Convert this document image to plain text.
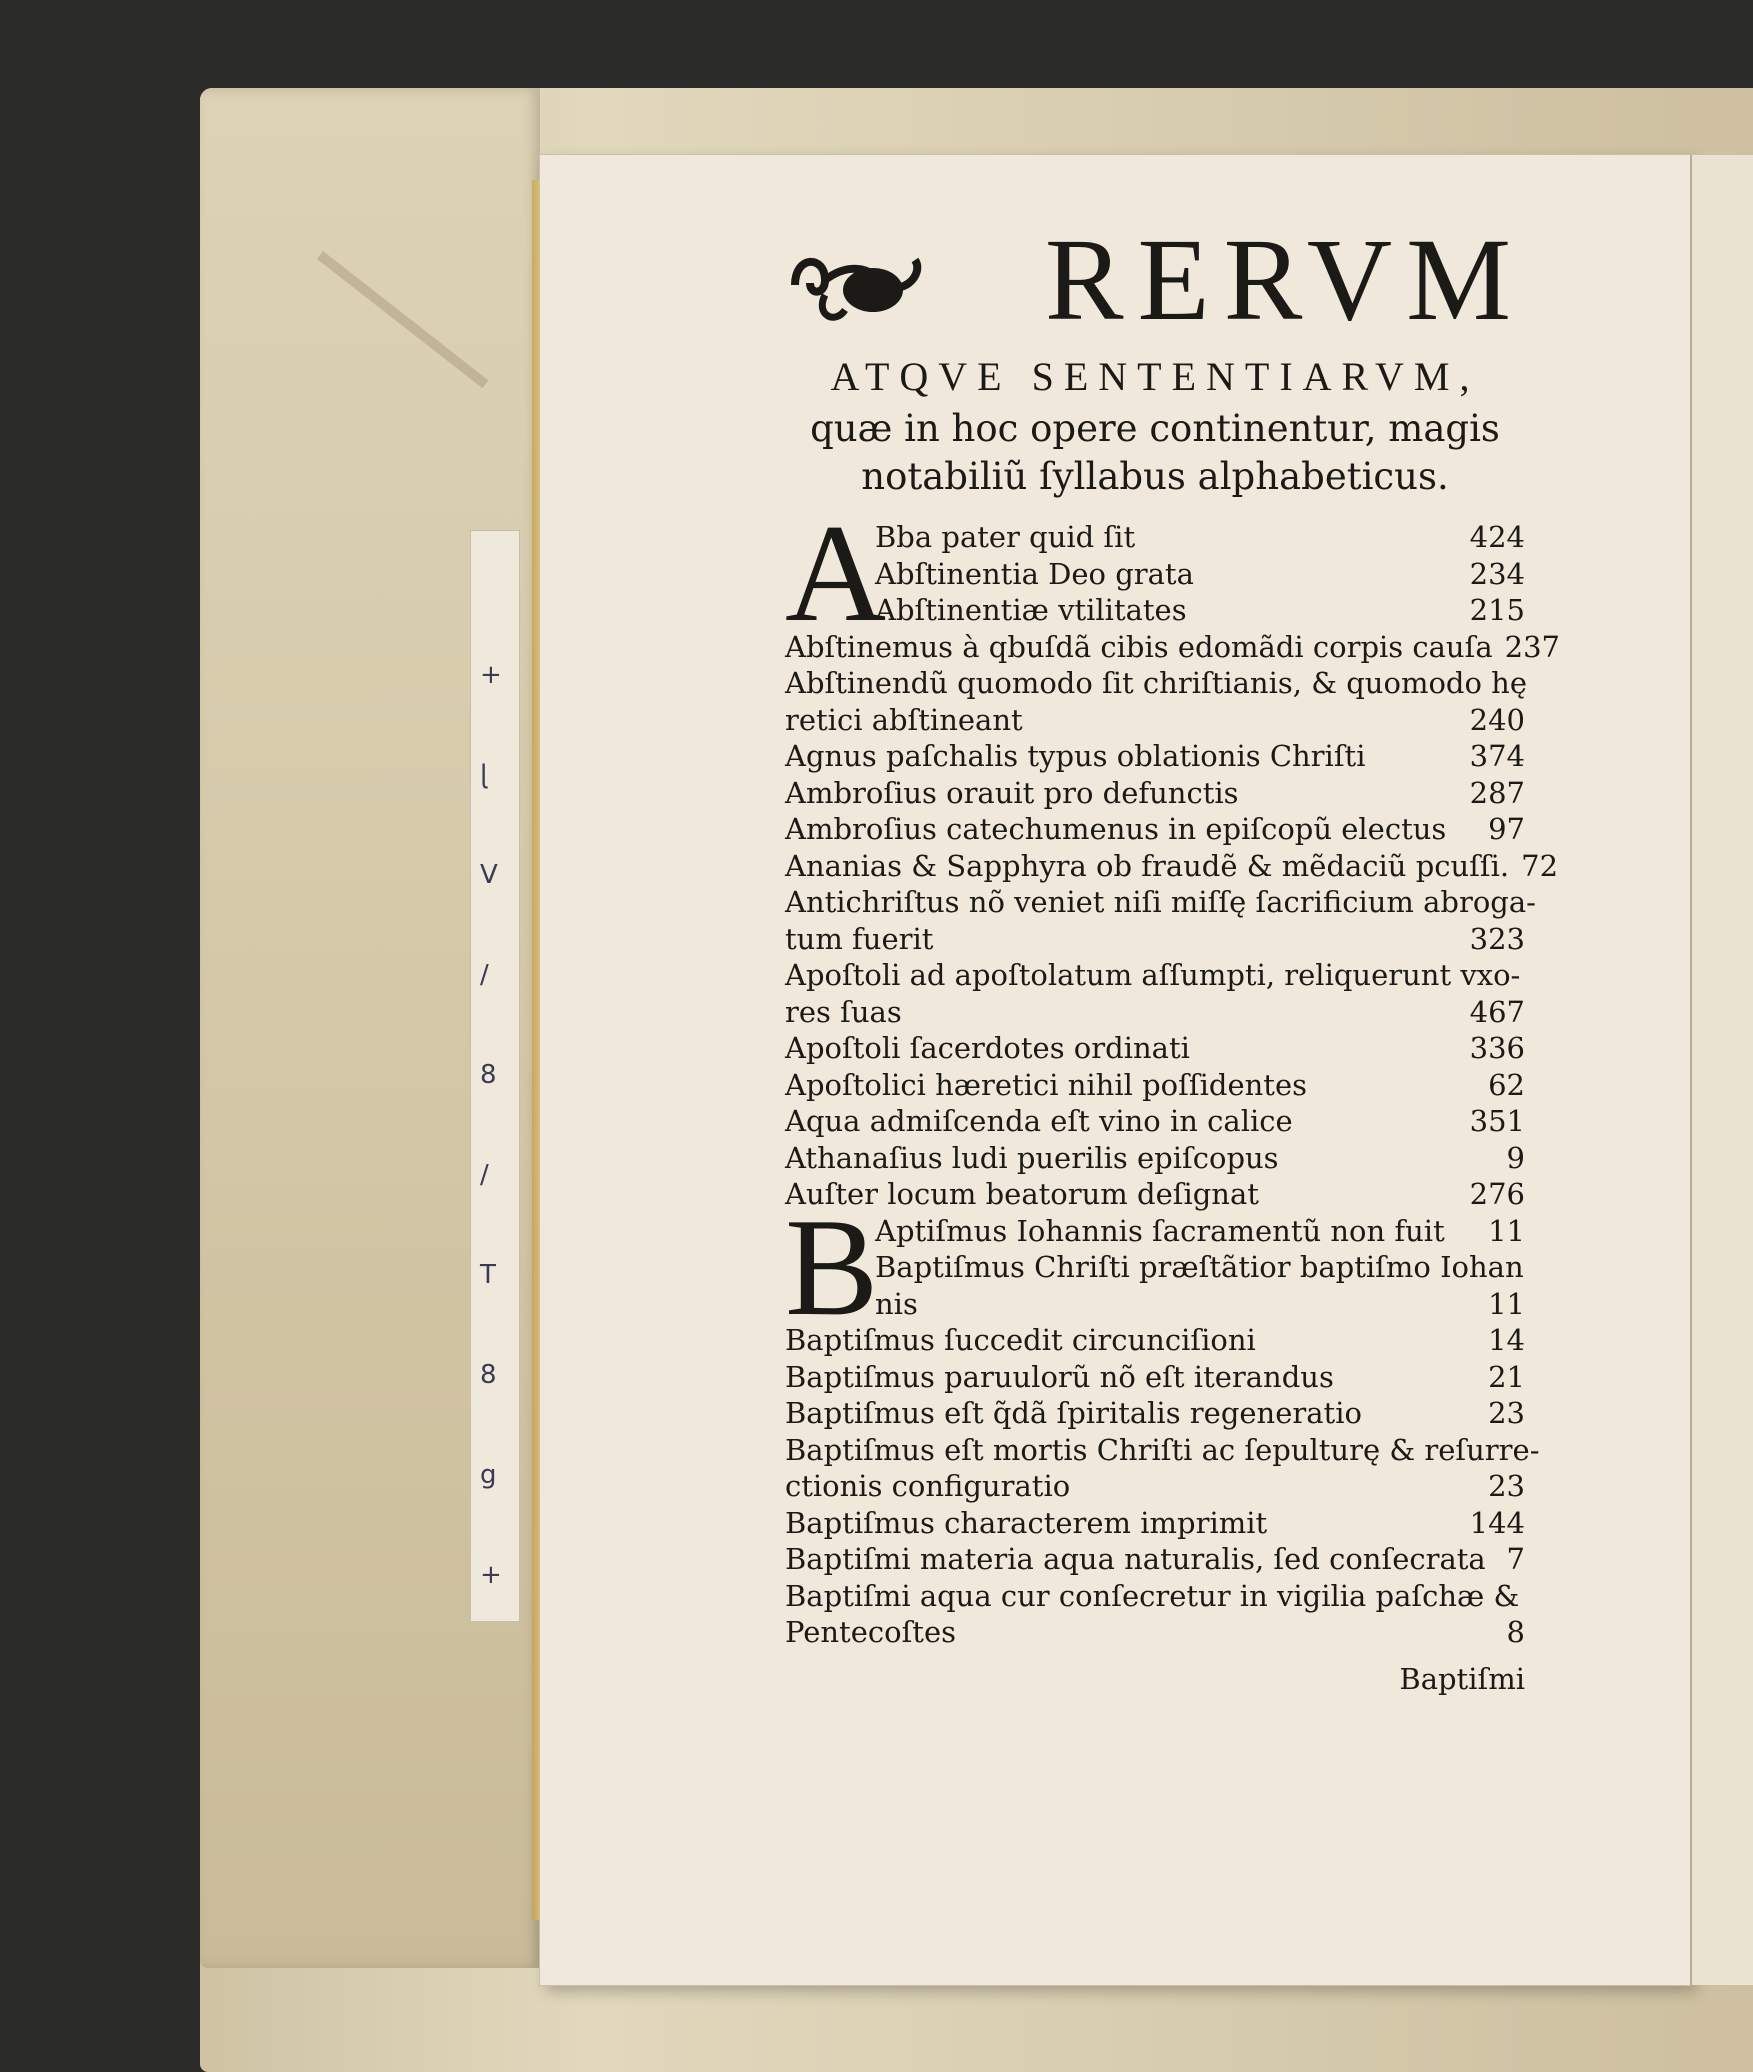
+
ɭ
V
/
8
/
T
8
g
+
RERVM
ATQVE SENTENTIARVM,
quæ in hoc opere continentur, magis
notabiliũ ſyllabus alphabeticus.
A
Bba pater quid ſit	424
Abſtinentia Deo grata	234
Abſtinentiæ vtilitates	215
Abſtinemus à qbuſdã cibis edomãdi corpis cauſa 237
Abſtinendũ quomodo ſit chriſtianis, & quomodo hę
retici abſtineant	240
Agnus paſchalis typus oblationis Chriſti	374
Ambroſius orauit pro defunctis	287
Ambroſius catechumenus in epiſcopũ electus	97
Ananias & Sapphyra ob fraudẽ & mẽdaciũ pcuſſi. 72
Antichriſtus nõ veniet niſi miſſę ſacrificium abroga-
tum fuerit	323
Apoſtoli ad apoſtolatum aſſumpti, reliquerunt vxo-
res ſuas	467
Apoſtoli ſacerdotes ordinati	336
Apoſtolici hæretici nihil poſſidentes	62
Aqua admiſcenda eſt vino in calice	351
Athanaſius ludi puerilis epiſcopus	9
Auſter locum beatorum deſignat	276
B
Aptiſmus Iohannis ſacramentũ non fuit	11
Baptiſmus Chriſti præſtãtior baptiſmo Iohan
nis	11
Baptiſmus ſuccedit circunciſioni	14
Baptiſmus paruulorũ nõ eſt iterandus	21
Baptiſmus eſt q̃dã ſpiritalis regeneratio	23
Baptiſmus eſt mortis Chriſti ac ſepulturę & reſurre-
ctionis configuratio	23
Baptiſmus characterem imprimit	144
Baptiſmi materia aqua naturalis, ſed conſecrata 7
Baptiſmi aqua cur conſecretur in vigilia paſchæ &
Pentecoſtes	8
Baptiſmi
